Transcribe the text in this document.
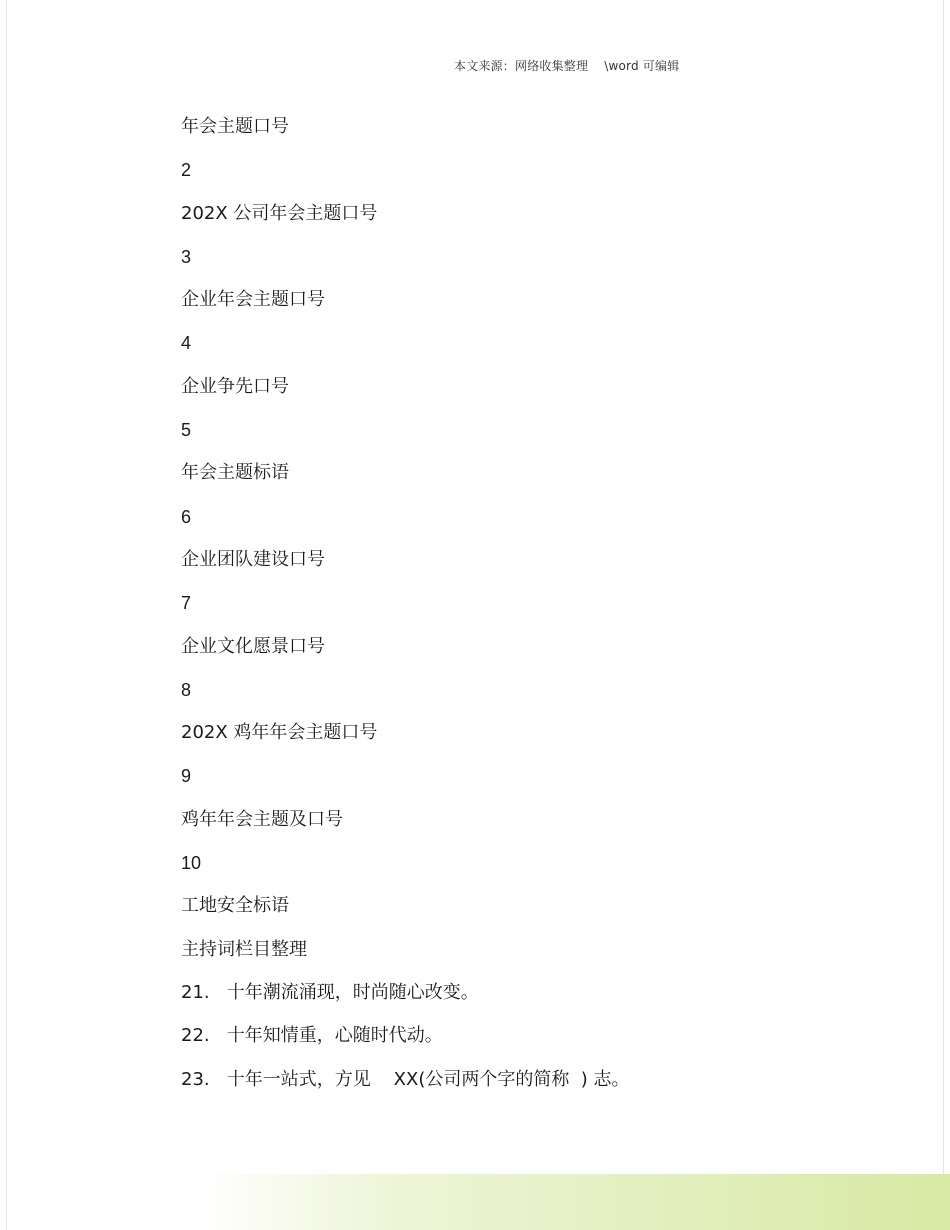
本文来源：网络收集整理    \word 可编辑
年会主题口号
2
202X 公司年会主题口号
3
企业年会主题口号
4
企业争先口号
5
年会主题标语
6
企业团队建设口号
7
企业文化愿景口号
8
202X 鸡年年会主题口号
9
鸡年年会主题及口号
10
工地安全标语
主持词栏目整理
21.   十年潮流涌现，时尚随心改变。
22.   十年知情重，心随时代动。
23.   十年一站式，方见    XX(公司两个字的简称  ) 志。
